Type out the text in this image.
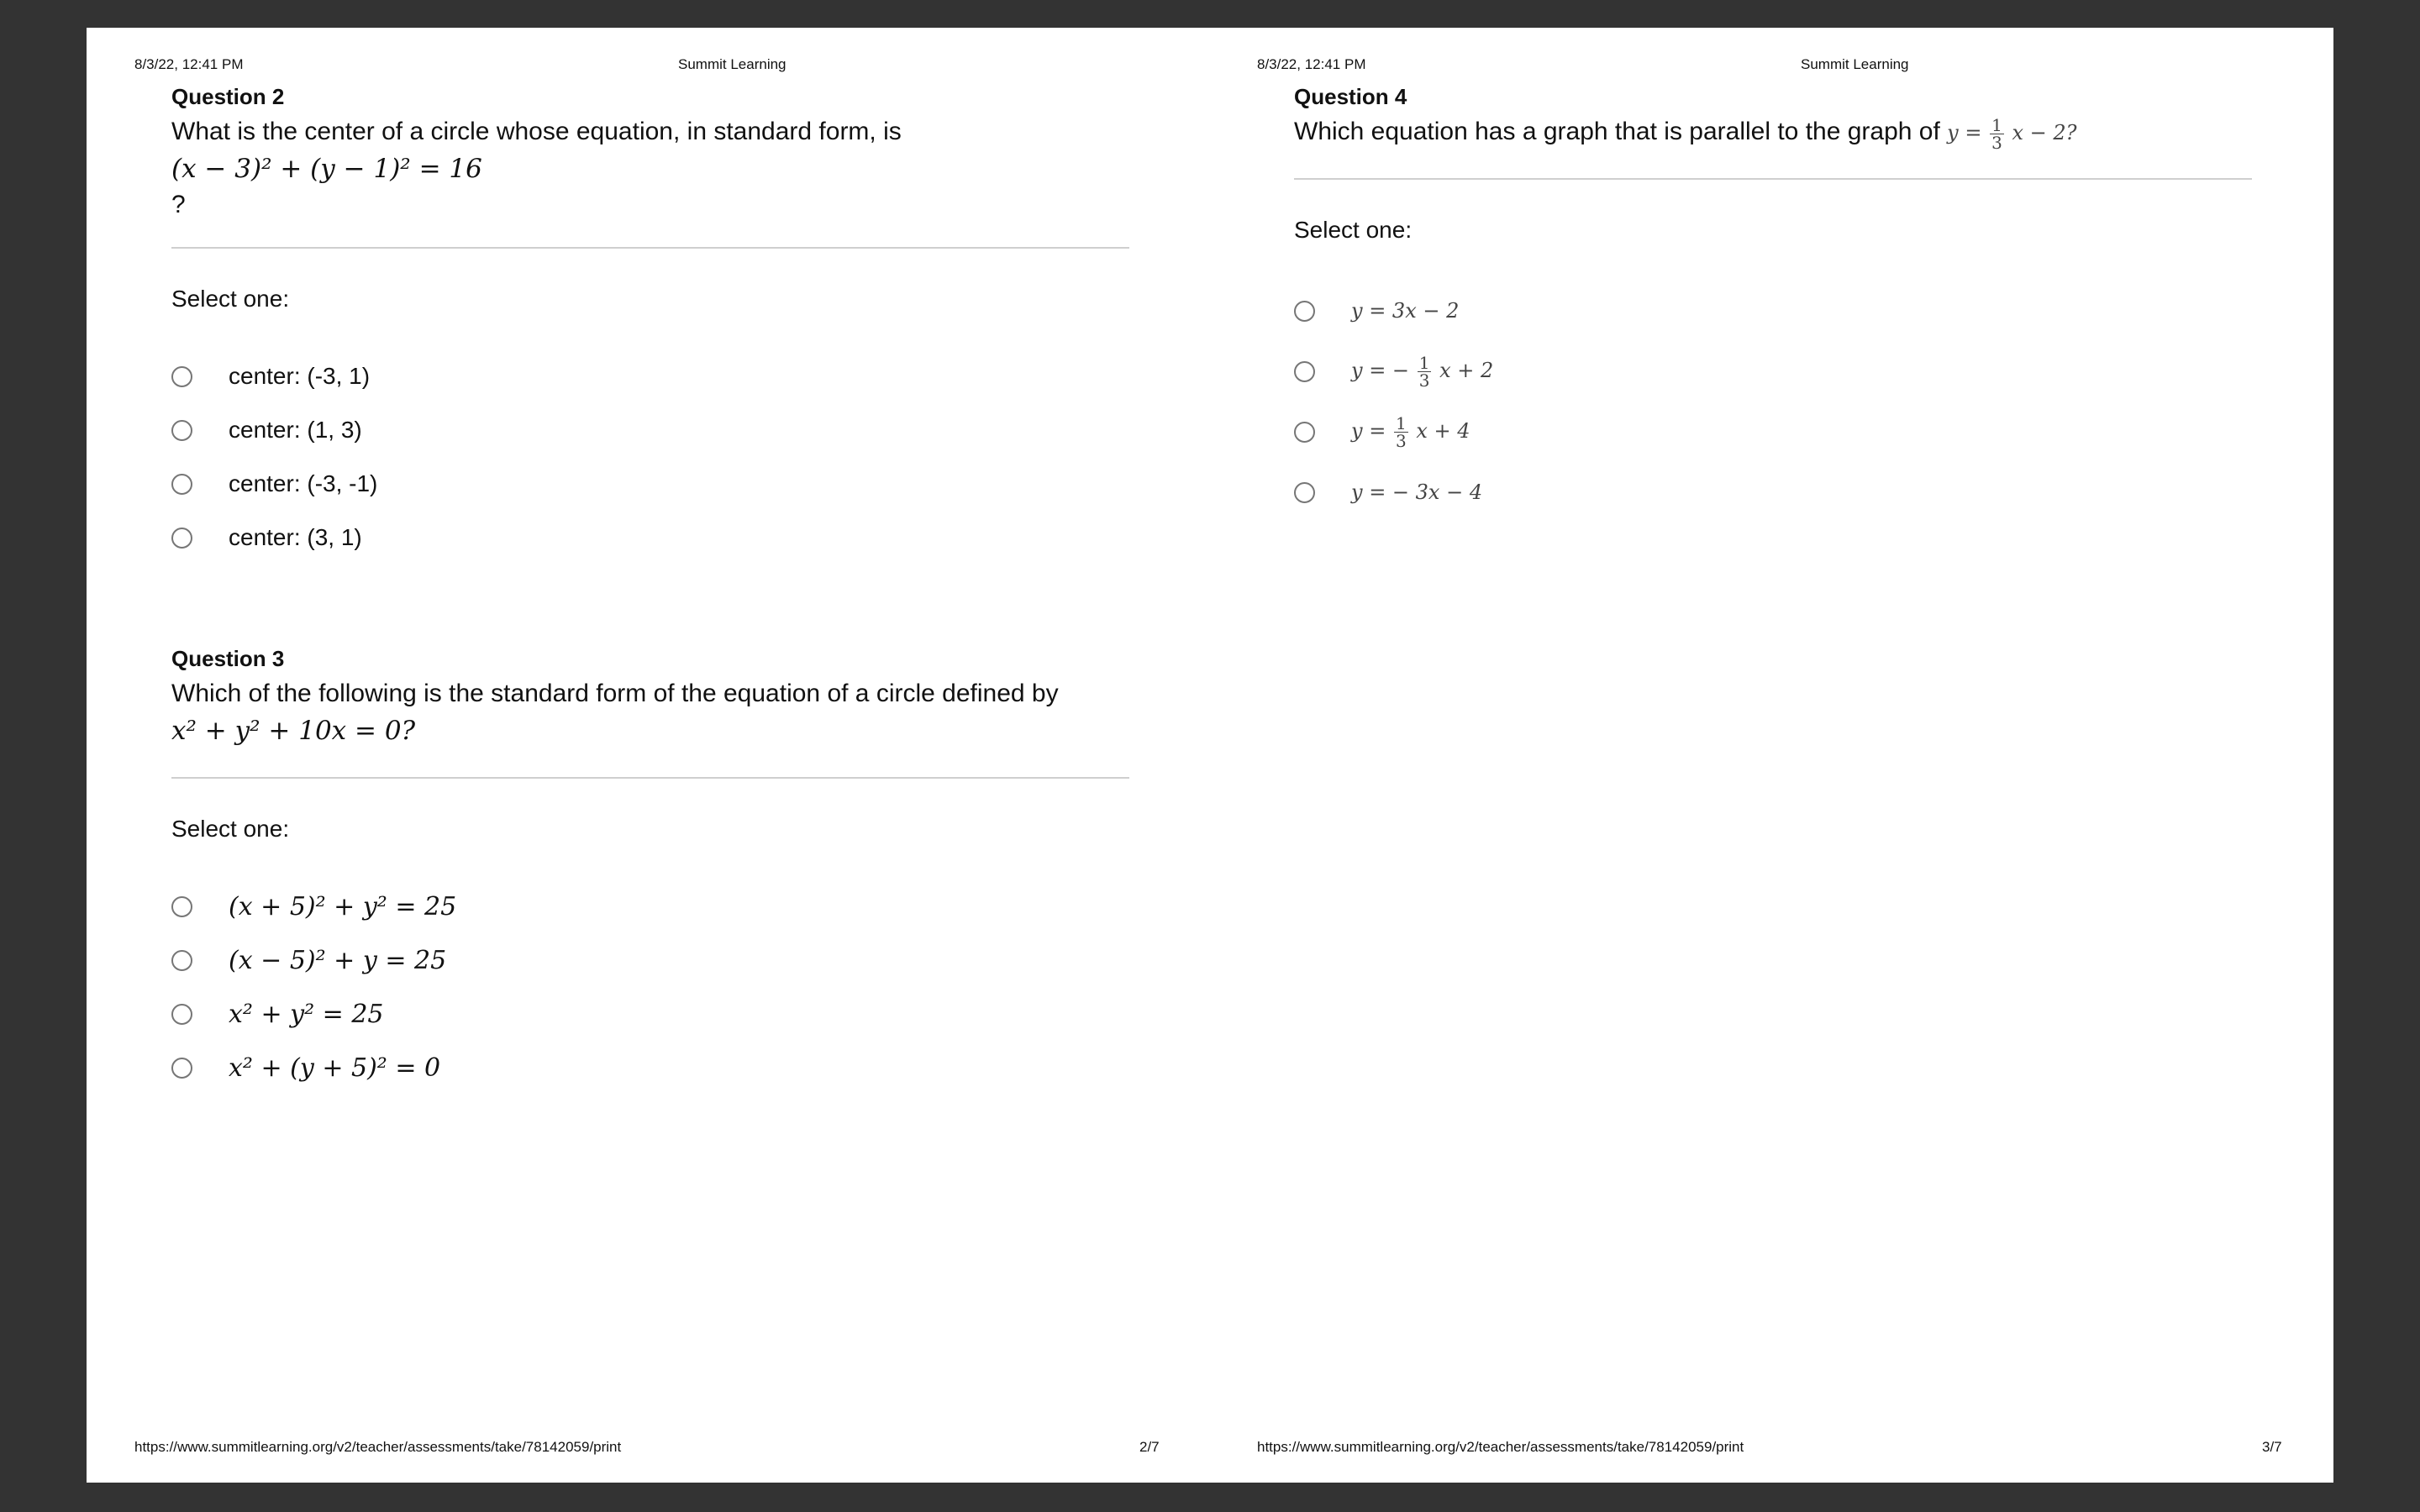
8/3/22, 12:41 PM	Summit Learning

Question 2

What is the center of a circle whose equation, in standard form, is
(x − 3)² + (y − 1)² = 16

?

Select one:

center: (-3, 1)
center: (1, 3)
center: (-3, -1)
center: (3, 1)

Question 3

Which of the following is the standard form of the equation of a circle defined by
x² + y² + 10x = 0?

Select one:

(x + 5)² + y² = 25
(x − 5)² + y = 25
x² + y² = 25
x² + (y + 5)² = 0
https://www.summitlearning.org/v2/teacher/assessments/take/78142059/print	2/7
8/3/22, 12:41 PM	Summit Learning

Question 4

Which equation has a graph that is parallel to the graph of $y = \frac{1}{3}$ x − 2?

Select one:

y = 3x − 2
y = − $\frac{1}{3}$ x + 2
$y = \frac{1}{3}$ x + 4
y = − 3x − 4
https://www.summitlearning.org/v2/teacher/assessments/take/78142059/print	3/7
